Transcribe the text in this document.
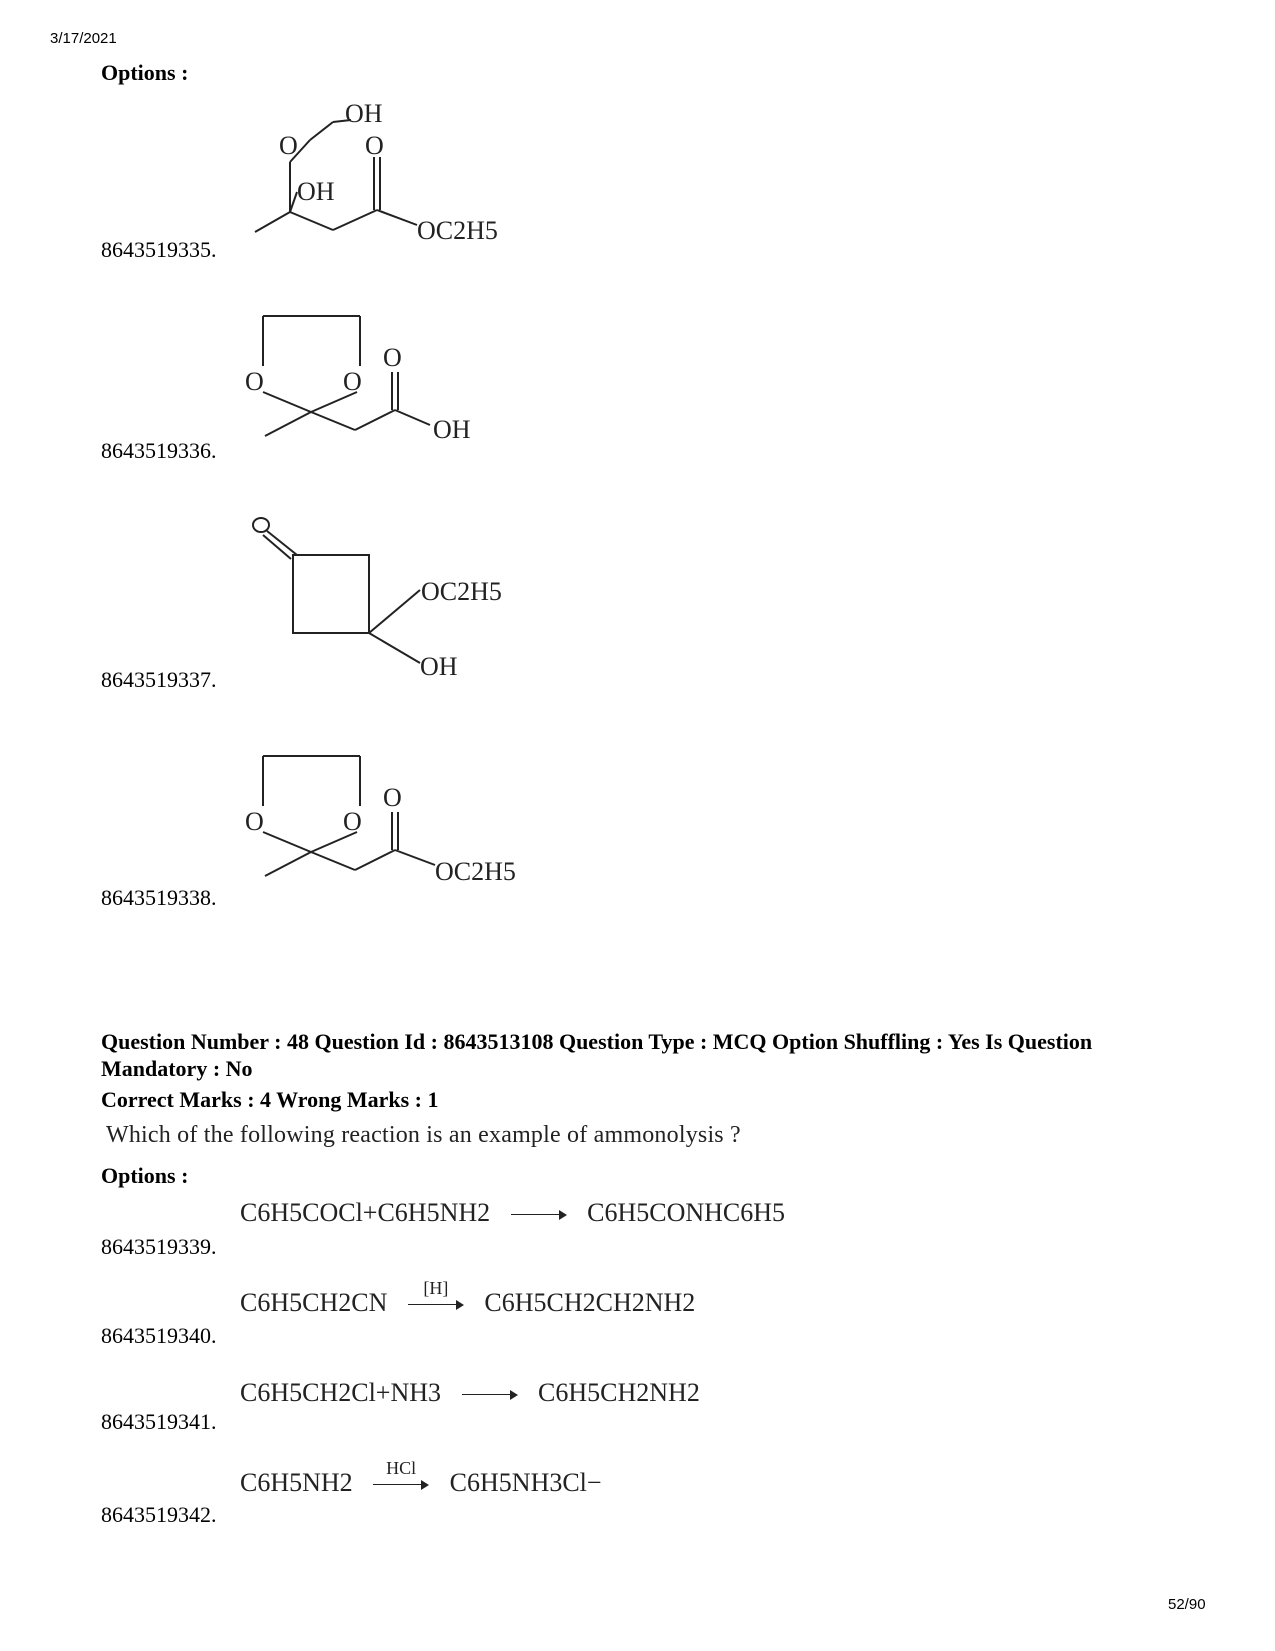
3/17/2021
Options :
8643519335.
OH
O	O
OH
OC2H5
8643519336.
O	O
O
OH
8643519337.
OC2H5
OH
8643519338.
O	O
O
OC2H5
Question Number : 48 Question Id : 8643513108 Question Type : MCQ Option Shuffling : Yes Is Question Mandatory : No
Correct Marks : 4 Wrong Marks : 1
Which of the following reaction is an example of ammonolysis ?
Options :
8643519339.
C6H5COCl+C6H5NH2	C6H5CONHC6H5
8643519340.
C6H5CH2CN	[H]	C6H5CH2CH2NH2
8643519341.
C6H5CH2Cl+NH3	C6H5CH2NH2
8643519342.
C6H5NH2	HCl	C6H5NH3Cl−
52/90
